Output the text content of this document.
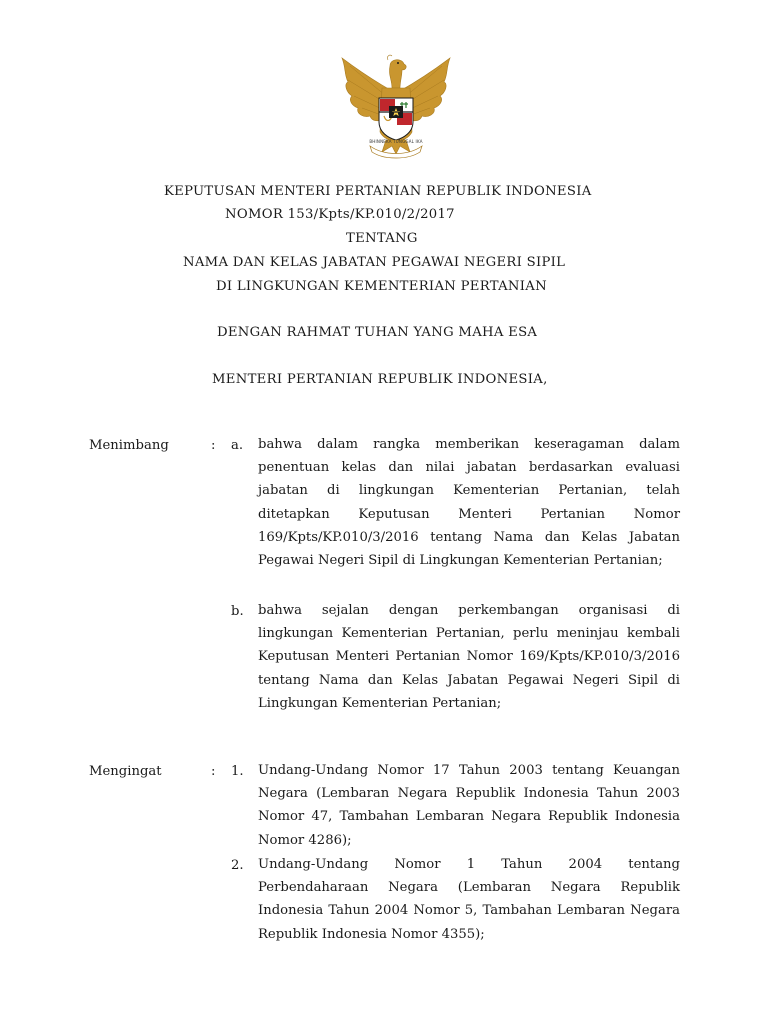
BHINNEKA TUNGGAL IKA
KEPUTUSAN MENTERI PERTANIAN REPUBLIK INDONESIA
NOMOR 153/Kpts/KP.010/2/2017
TENTANG
NAMA DAN KELAS JABATAN PEGAWAI NEGERI SIPIL
DI LINGKUNGAN KEMENTERIAN PERTANIAN
DENGAN RAHMAT TUHAN YANG MAHA ESA
MENTERI PERTANIAN REPUBLIK INDONESIA,
Menimbang	: a. bahwa dalam rangka memberikan keseragaman dalam penentuan kelas dan nilai jabatan berdasarkan evaluasi jabatan di lingkungan Kementerian Pertanian, telah ditetapkan Keputusan Menteri Pertanian Nomor 169/Kpts/KP.010/3/2016 tentang Nama dan Kelas Jabatan Pegawai Negeri Sipil di Lingkungan Kementerian Pertanian;
b. bahwa sejalan dengan perkembangan organisasi di lingkungan Kementerian Pertanian, perlu meninjau kembali Keputusan Menteri Pertanian Nomor 169/Kpts/KP.010/3/2016 tentang Nama dan Kelas Jabatan Pegawai Negeri Sipil di Lingkungan Kementerian Pertanian;
Mengingat	: 1. Undang-Undang Nomor 17 Tahun 2003 tentang Keuangan Negara (Lembaran Negara Republik Indonesia Tahun 2003 Nomor 47, Tambahan Lembaran Negara Republik Indonesia Nomor 4286);
2. Undang-Undang Nomor 1 Tahun 2004 tentang Perbendaharaan Negara (Lembaran Negara Republik Indonesia Tahun 2004 Nomor 5, Tambahan Lembaran Negara Republik Indonesia Nomor 4355);
